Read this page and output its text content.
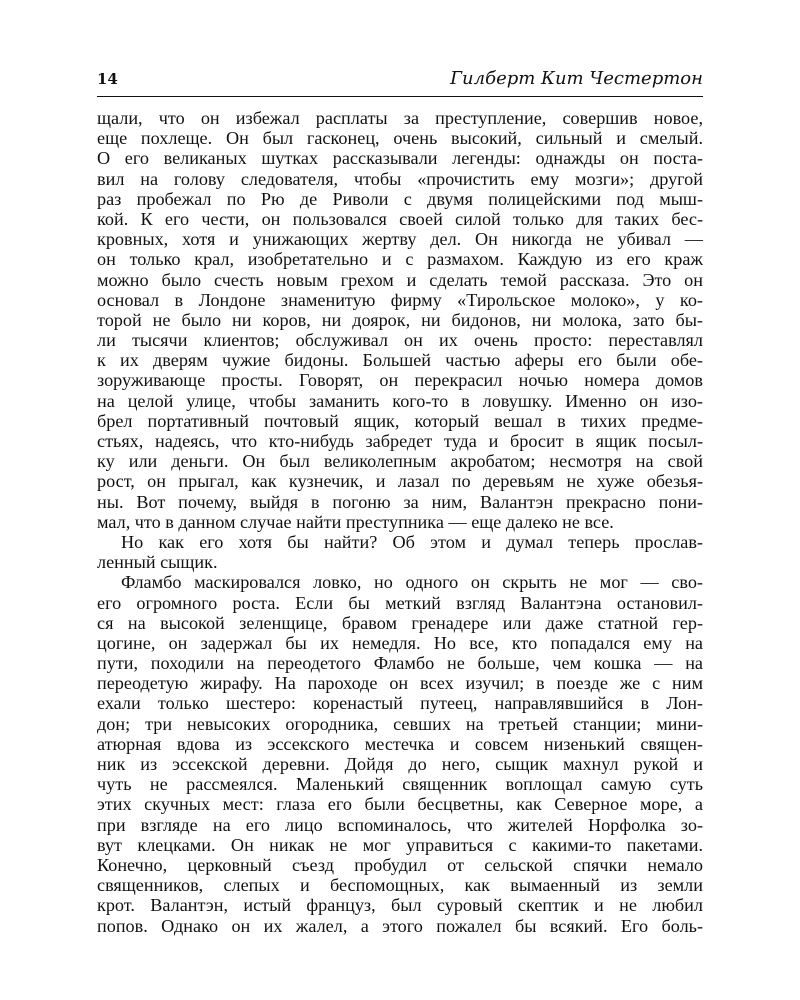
14	Гилберт Кит Честертон
щали, что он избежал расплаты за преступление, совершив новое,
еще похлеще. Он был гасконец, очень высокий, сильный и смелый.
О его великаных шутках рассказывали легенды: однажды он поста-
вил на голову следователя, чтобы «прочистить ему мозги»; другой
раз пробежал по Рю де Риволи с двумя полицейскими под мыш-
кой. К его чести, он пользовался своей силой только для таких бес-
кровных, хотя и унижающих жертву дел. Он никогда не убивал —
он только крал, изобретательно и с размахом. Каждую из его краж
можно было счесть новым грехом и сделать темой рассказа. Это он
основал в Лондоне знаменитую фирму «Тирольское молоко», у ко-
торой не было ни коров, ни доярок, ни бидонов, ни молока, зато бы-
ли тысячи клиентов; обслуживал он их очень просто: переставлял
к их дверям чужие бидоны. Большей частью аферы его были обе-
зоруживающе просты. Говорят, он перекрасил ночью номера домов
на целой улице, чтобы заманить кого-то в ловушку. Именно он изо-
брел портативный почтовый ящик, который вешал в тихих предме-
стьях, надеясь, что кто-нибудь забредет туда и бросит в ящик посыл-
ку или деньги. Он был великолепным акробатом; несмотря на свой
рост, он прыгал, как кузнечик, и лазал по деревьям не хуже обезья-
ны. Вот почему, выйдя в погоню за ним, Валантэн прекрасно пони-
мал, что в данном случае найти преступника — еще далеко не все.
Но как его хотя бы найти? Об этом и думал теперь прослав-
ленный сыщик.
Фламбо маскировался ловко, но одного он скрыть не мог — сво-
его огромного роста. Если бы меткий взгляд Валантэна остановил-
ся на высокой зеленщице, бравом гренадере или даже статной гер-
цогине, он задержал бы их немедля. Но все, кто попадался ему на
пути, походили на переодетого Фламбо не больше, чем кошка — на
переодетую жирафу. На пароходе он всех изучил; в поезде же с ним
ехали только шестеро: коренастый путеец, направлявшийся в Лон-
дон; три невысоких огородника, севших на третьей станции; мини-
атюрная вдова из эссекского местечка и совсем низенький священ-
ник из эссекской деревни. Дойдя до него, сыщик махнул рукой и
чуть не рассмеялся. Маленький священник воплощал самую суть
этих скучных мест: глаза его были бесцветны, как Северное море, а
при взгляде на его лицо вспоминалось, что жителей Норфолка зо-
вут клецками. Он никак не мог управиться с какими-то пакетами.
Конечно, церковный съезд пробудил от сельской спячки немало
священников, слепых и беспомощных, как вымаенный из земли
крот. Валантэн, истый француз, был суровый скептик и не любил
попов. Однако он их жалел, а этого пожалел бы всякий. Его боль-
